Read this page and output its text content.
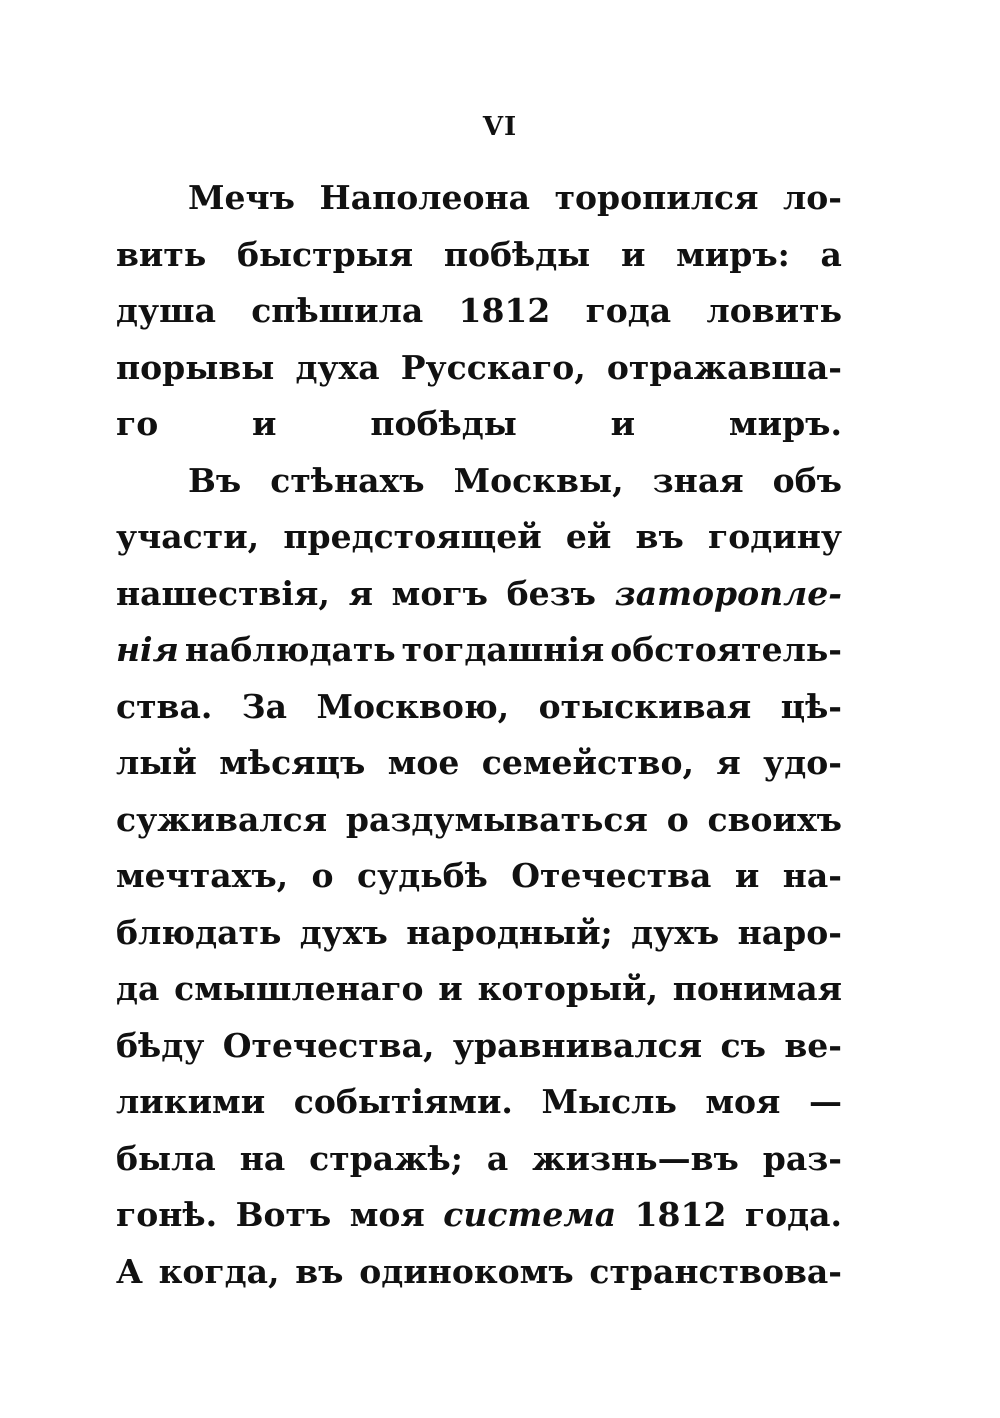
VI
Мечъ Наполеона торопился ло-
вить быстрыя побѣды и миръ: а
душа спѣшила 1812 года ловить
порывы духа Русскаго, отражавша-
го	и	побѣды	и	миръ.
Въ стѣнахъ Москвы, зная объ
участи, предстоящей ей въ годину
нашествія, я могъ безъ заторопле-
нія наблюдать тогдашнія обстоятель-
ства. За Москвою, отыскивая цѣ-
лый мѣсяцъ мое семейство, я удо-
суживался раздумываться о своихъ
мечтахъ, о судьбѣ Отечества и на-
блюдать духъ народный; духъ наро-
да смышленаго и который, понимая
бѣду Отечества, уравнивался съ ве-
ликими событіями. Мысль моя —
была на стражѣ; а жизнь—въ раз-
гонѣ. Вотъ моя система 1812 года.
А когда, въ одинокомъ странствова-
